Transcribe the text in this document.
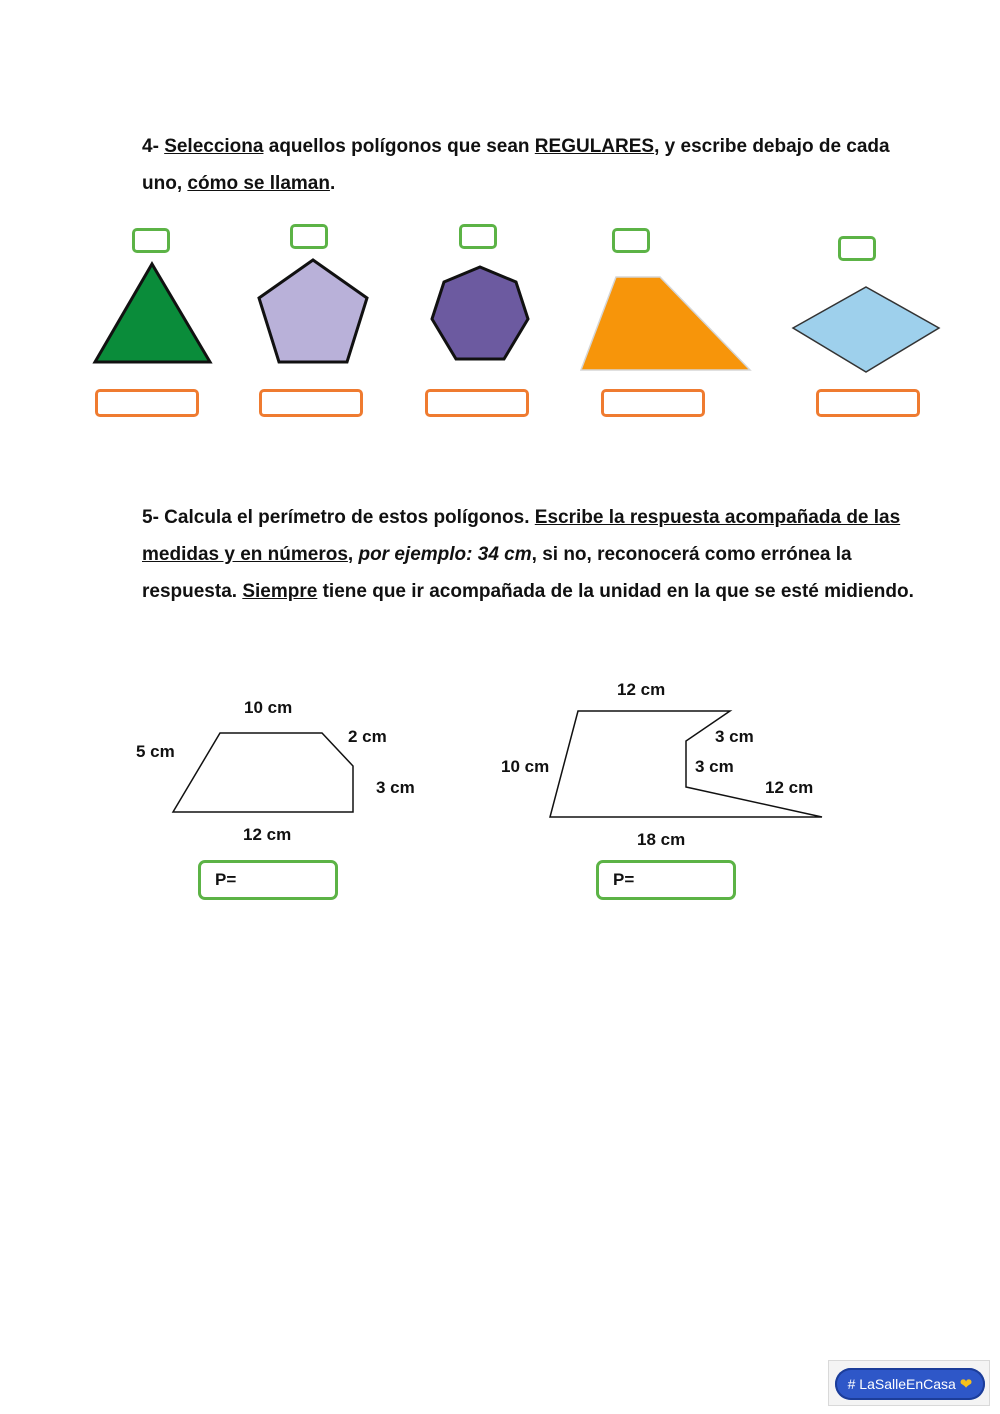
4- Selecciona aquellos polígonos que sean REGULARES, y escribe debajo de cada uno, cómo se llaman.

5- Calcula el perímetro de estos polígonos. Escribe la respuesta acompañada de las medidas y en números, por ejemplo: 34 cm, si no, reconocerá como errónea la respuesta. Siempre tiene que ir acompañada de la unidad en la que se esté midiendo.

10 cm
5 cm
2 cm
3 cm
12 cm
P=
12 cm
10 cm
3 cm
3 cm
12 cm
18 cm
P=
# LaSalleEnCasa ❤
